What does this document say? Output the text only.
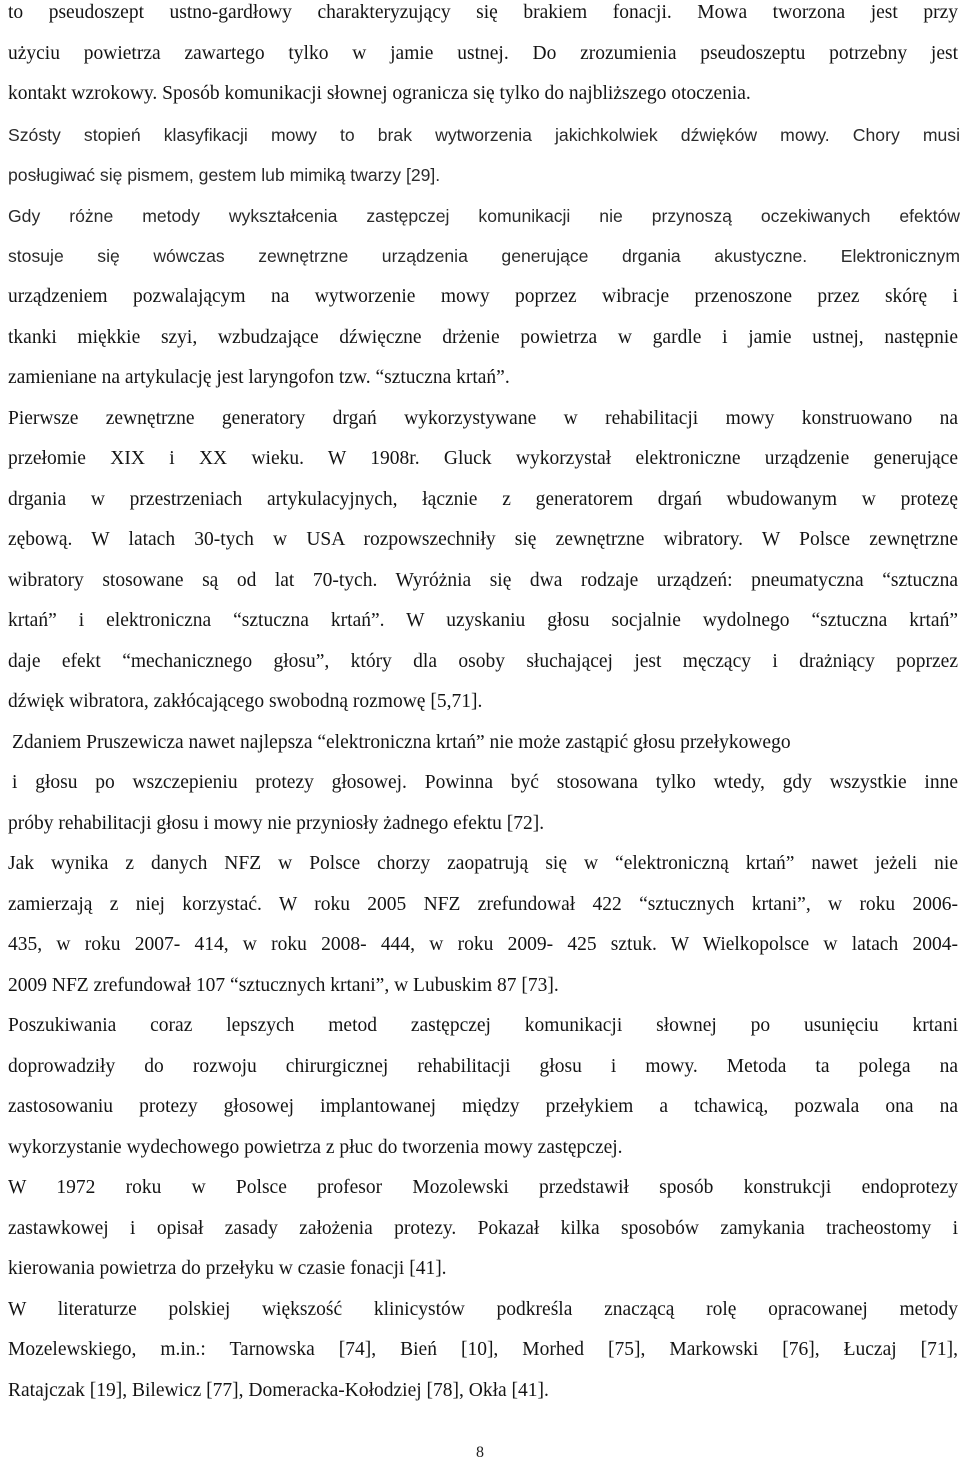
to pseudoszept ustno-gardłowy charakteryzujący się brakiem fonacji. Mowa tworzona jest przy
użyciu powietrza zawartego tylko w jamie ustnej. Do zrozumienia pseudoszeptu potrzebny jest
kontakt wzrokowy. Sposób komunikacji słownej ogranicza się tylko do najbliższego otoczenia.
Szósty stopień klasyfikacji mowy to brak wytworzenia jakichkolwiek dźwięków mowy. Chory musi
posługiwać się pismem, gestem lub mimiką twarzy [29].
Gdy różne metody wykształcenia zastępczej komunikacji nie przynoszą oczekiwanych efektów
stosuje się wówczas zewnętrzne urządzenia generujące drgania akustyczne. Elektronicznym
urządzeniem pozwalającym na wytworzenie mowy poprzez wibracje przenoszone przez skórę i
tkanki miękkie szyi, wzbudzające dźwięczne drżenie powietrza w gardle i jamie ustnej, następnie
zamieniane na artykulację jest laryngofon tzw. “sztuczna krtań”.
Pierwsze zewnętrzne generatory drgań wykorzystywane w rehabilitacji mowy konstruowano na
przełomie XIX i XX wieku. W 1908r. Gluck wykorzystał elektroniczne urządzenie generujące
drgania w przestrzeniach artykulacyjnych, łącznie z generatorem drgań wbudowanym w protezę
zębową. W latach 30-tych w USA rozpowszechniły się zewnętrzne wibratory. W Polsce zewnętrzne
wibratory stosowane są od lat 70-tych. Wyróżnia się dwa rodzaje urządzeń: pneumatyczna “sztuczna
krtań” i elektroniczna “sztuczna krtań”. W uzyskaniu głosu socjalnie wydolnego “sztuczna krtań”
daje efekt “mechanicznego głosu”, który dla osoby słuchającej jest męczący i drażniący poprzez
dźwięk wibratora, zakłócającego swobodną rozmowę [5,71].
Zdaniem Pruszewicza nawet najlepsza “elektroniczna krtań” nie może zastąpić głosu przełykowego
i głosu po wszczepieniu protezy głosowej. Powinna być stosowana tylko wtedy, gdy wszystkie inne
próby rehabilitacji głosu i mowy nie przyniosły żadnego efektu [72].
Jak wynika z danych NFZ w Polsce chorzy zaopatrują się w “elektroniczną krtań” nawet jeżeli nie
zamierzają z niej korzystać. W roku 2005 NFZ zrefundował 422 “sztucznych krtani”, w roku 2006-
435, w roku 2007- 414, w roku 2008- 444, w roku 2009- 425 sztuk. W Wielkopolsce w latach 2004-
2009 NFZ zrefundował 107 “sztucznych krtani”, w Lubuskim 87 [73].
Poszukiwania coraz lepszych metod zastępczej komunikacji słownej po usunięciu krtani
doprowadziły do rozwoju chirurgicznej rehabilitacji głosu i mowy. Metoda ta polega na
zastosowaniu protezy głosowej implantowanej między przełykiem a tchawicą, pozwala ona na
wykorzystanie wydechowego powietrza z płuc do tworzenia mowy zastępczej.
W 1972 roku w Polsce profesor Mozolewski przedstawił sposób konstrukcji endoprotezy
zastawkowej i opisał zasady założenia protezy. Pokazał kilka sposobów zamykania tracheostomy i
kierowania powietrza do przełyku w czasie fonacji [41].
W literaturze polskiej większość klinicystów podkreśla znaczącą rolę opracowanej metody
Mozelewskiego, m.in.: Tarnowska [74], Bień [10], Morhed [75], Markowski [76], Łuczaj [71],
Ratajczak [19], Bilewicz [77], Domeracka-Kołodziej [78], Okła [41].
8
